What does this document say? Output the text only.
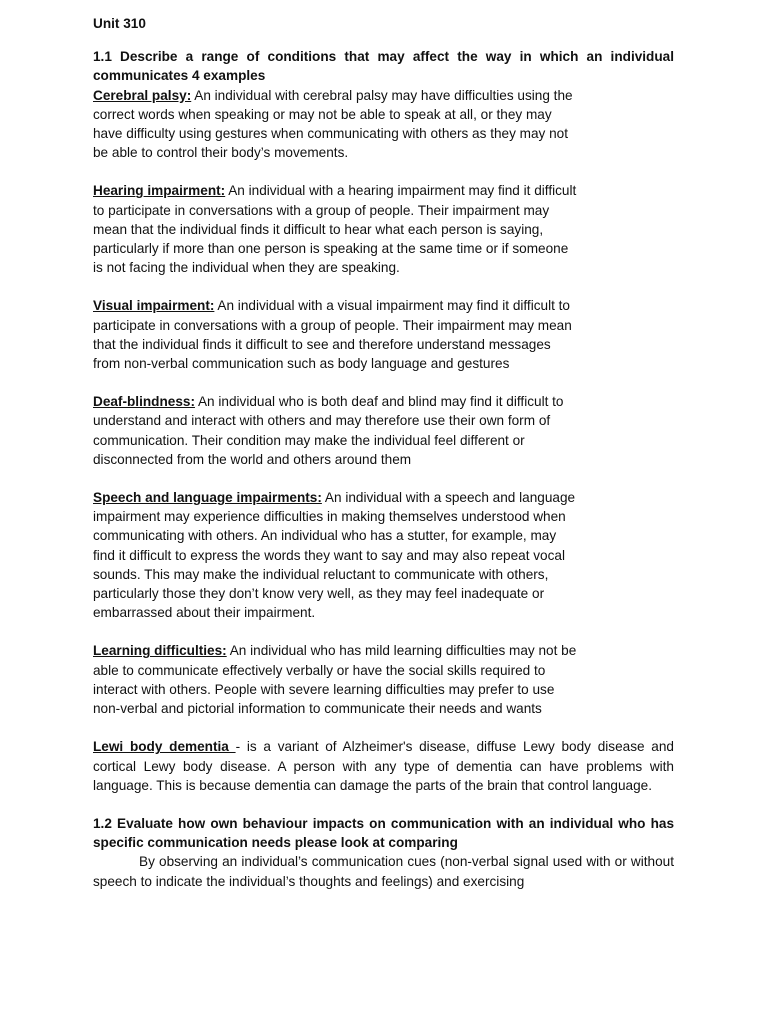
Unit 310

1.1 Describe a range of conditions that may affect the way in which an individual communicates 4 examples

Cerebral palsy: An individual with cerebral palsy may have difficulties using the
correct words when speaking or may not be able to speak at all, or they may
have difficulty using gestures when communicating with others as they may not
be able to control their body’s movements.
Hearing impairment: An individual with a hearing impairment may find it difficult
to participate in conversations with a group of people. Their impairment may
mean that the individual finds it difficult to hear what each person is saying,
particularly if more than one person is speaking at the same time or if someone
is not facing the individual when they are speaking.
Visual impairment: An individual with a visual impairment may find it difficult to
participate in conversations with a group of people. Their impairment may mean
that the individual finds it difficult to see and therefore understand messages
from non-verbal communication such as body language and gestures
Deaf-blindness: An individual who is both deaf and blind may find it difficult to
understand and interact with others and may therefore use their own form of
communication. Their condition may make the individual feel different or
disconnected from the world and others around them
Speech and language impairments: An individual with a speech and language
impairment may experience difficulties in making themselves understood when
communicating with others. An individual who has a stutter, for example, may
find it difficult to express the words they want to say and may also repeat vocal
sounds. This may make the individual reluctant to communicate with others,
particularly those they don’t know very well, as they may feel inadequate or
embarrassed about their impairment.
Learning difficulties: An individual who has mild learning difficulties may not be
able to communicate effectively verbally or have the social skills required to
interact with others. People with severe learning difficulties may prefer to use
non-verbal and pictorial information to communicate their needs and wants

Lewi body dementia - is a variant of Alzheimer's disease, diffuse Lewy body disease and cortical Lewy body disease. A person with any type of dementia can have problems with language. This is because dementia can damage the parts of the brain that control language.

1.2 Evaluate how own behaviour impacts on communication with an individual who has specific communication needs please look at comparing

By observing an individual’s communication cues (non-verbal signal used with or without speech to indicate the individual’s thoughts and feelings) and exercising
